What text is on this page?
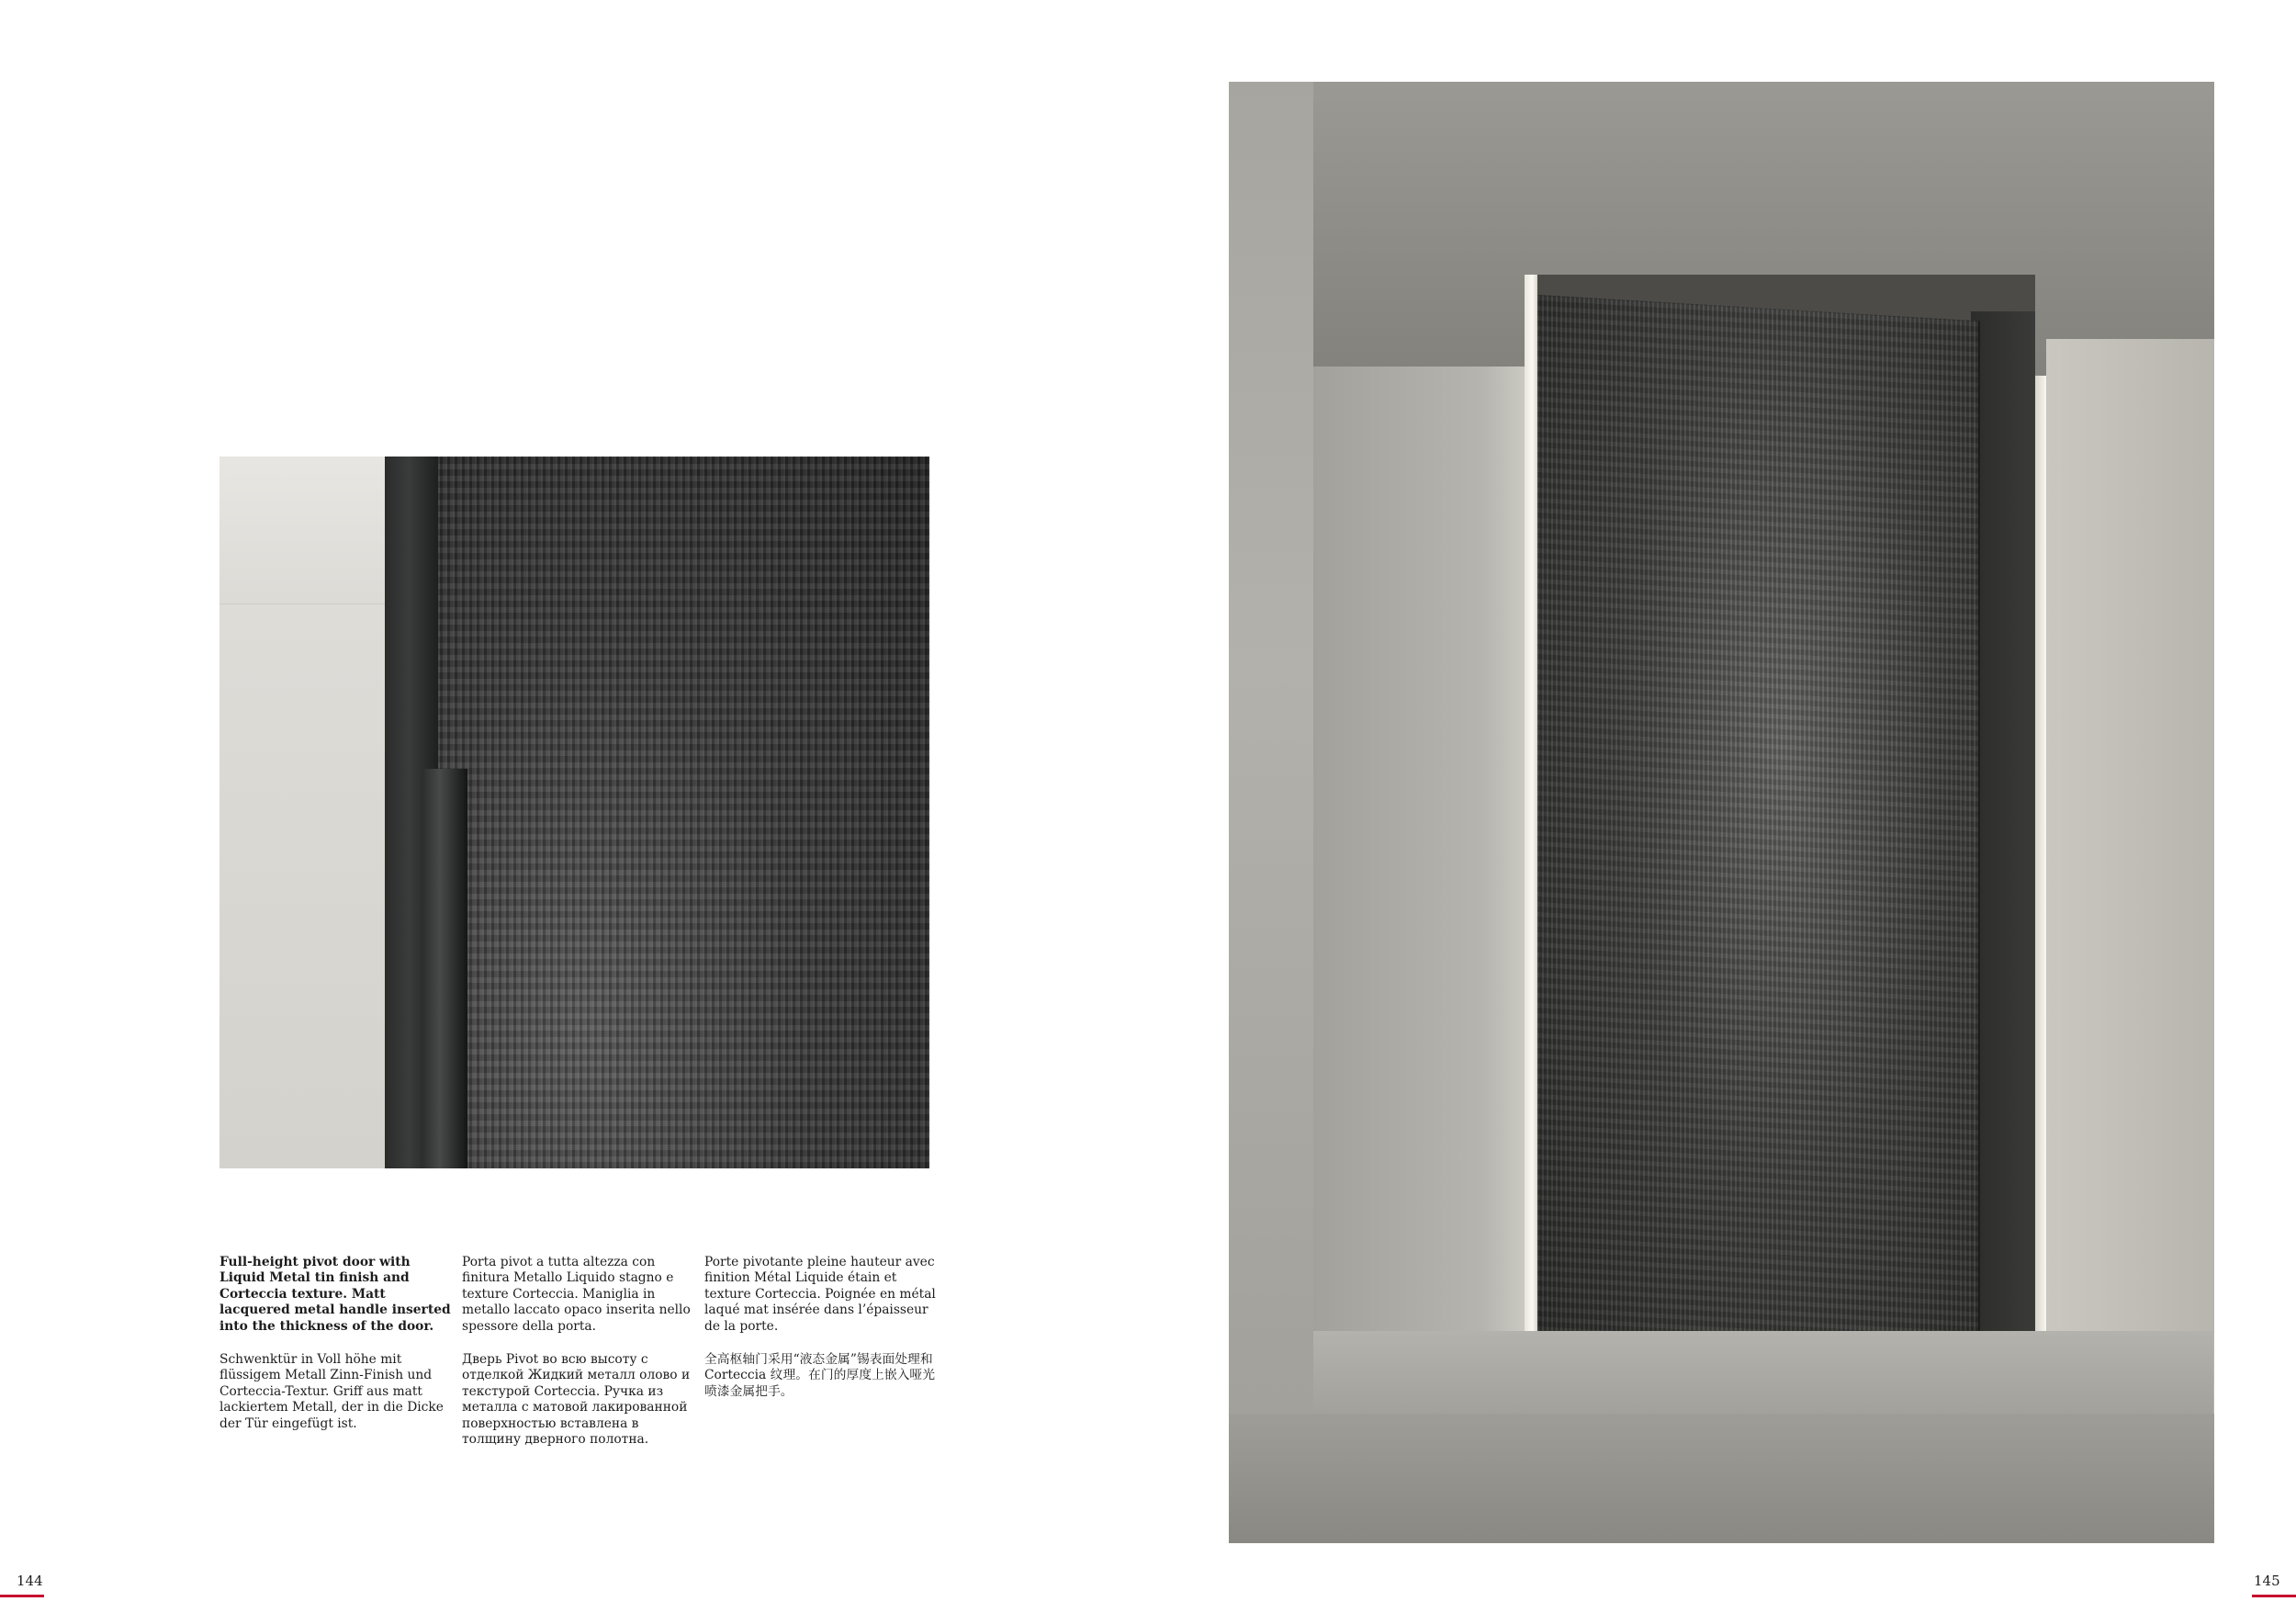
Full-height pivot door with Liquid Metal tin finish and Corteccia texture. Matt lacquered metal handle inserted into the thickness of the door.

Schwenktür in Voll höhe mit flüssigem Metall Zinn-Finish und Corteccia-Textur. Griff aus matt lackiertem Metall, der in die Dicke der Tür eingefügt ist.

Porta pivot a tutta altezza con finitura Metallo Liquido stagno e texture Corteccia. Maniglia in metallo laccato opaco inserita nello spessore della porta.

Дверь Pivot во всю высоту с отделкой Жидкий металл олово и текстурой Corteccia. Ручка из металла с матовой лакированной поверхностью вставлена в толщину дверного полотна.

Porte pivotante pleine hauteur avec finition Métal Liquide étain et texture Corteccia. Poignée en métal laqué mat insérée dans l’épaisseur de la porte.

全高枢轴门采用“液态金属”锡表面处理和 Corteccia 纹理。在门的厚度上嵌入哑光喷漆金属把手。

144	145
